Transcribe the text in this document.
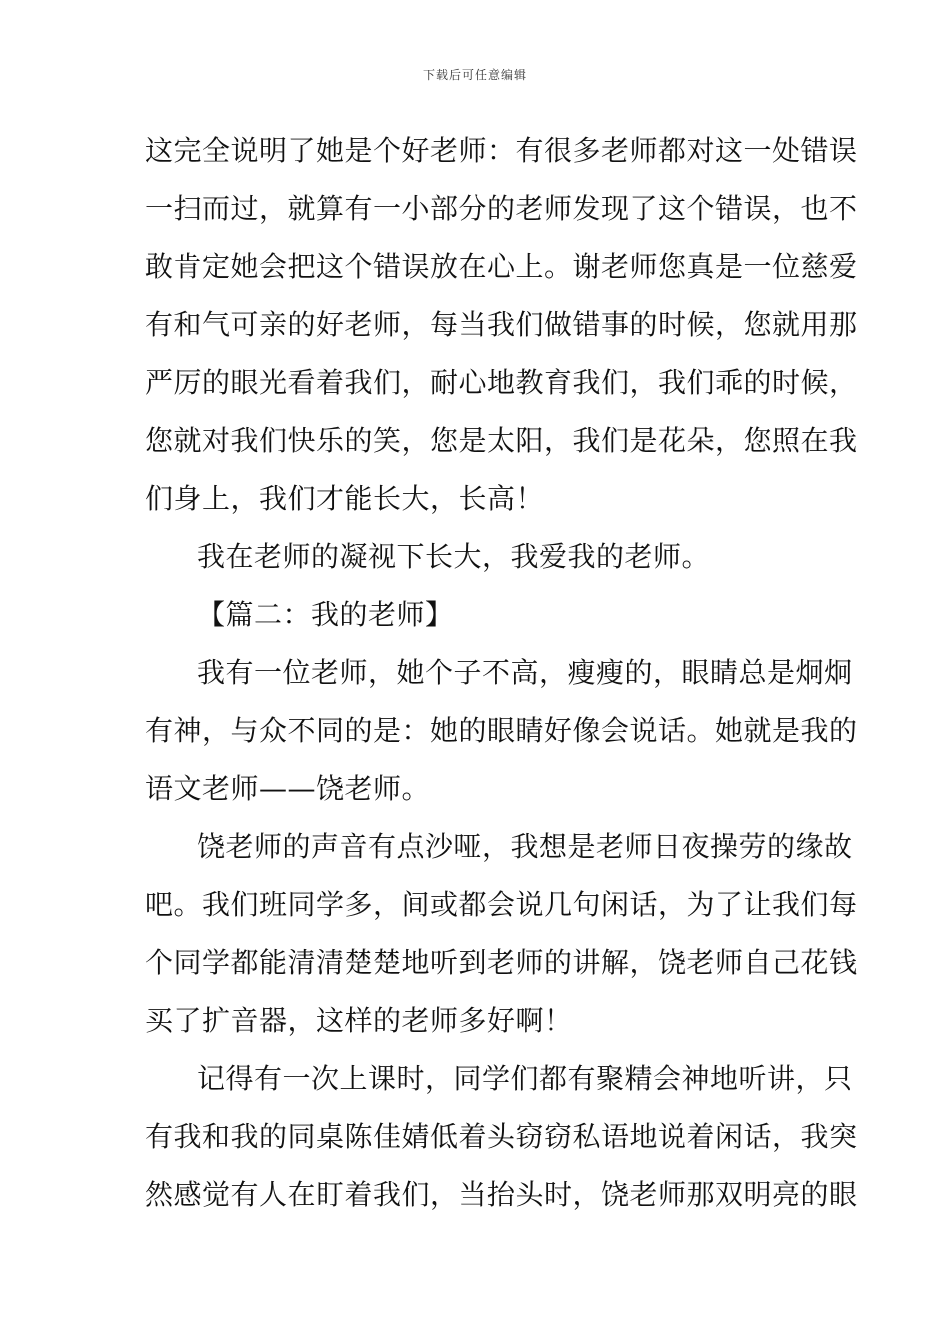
下载后可任意编辑
这完全说明了她是个好老师：有很多老师都对这一处错误
一扫而过，就算有一小部分的老师发现了这个错误，也不
敢肯定她会把这个错误放在心上。谢老师您真是一位慈爱
有和气可亲的好老师，每当我们做错事的时候，您就用那
严厉的眼光看着我们，耐心地教育我们，我们乖的时候，
您就对我们快乐的笑，您是太阳，我们是花朵，您照在我
们身上，我们才能长大，长高！
我在老师的凝视下长大，我爱我的老师。
【篇二：我的老师】
我有一位老师，她个子不高，瘦瘦的，眼睛总是炯炯
有神，与众不同的是：她的眼睛好像会说话。她就是我的
语文老师——饶老师。
饶老师的声音有点沙哑，我想是老师日夜操劳的缘故
吧。我们班同学多，间或都会说几句闲话，为了让我们每
个同学都能清清楚楚地听到老师的讲解，饶老师自己花钱
买了扩音器，这样的老师多好啊！
记得有一次上课时，同学们都有聚精会神地听讲，只
有我和我的同桌陈佳婧低着头窃窃私语地说着闲话，我突
然感觉有人在盯着我们，当抬头时，饶老师那双明亮的眼
